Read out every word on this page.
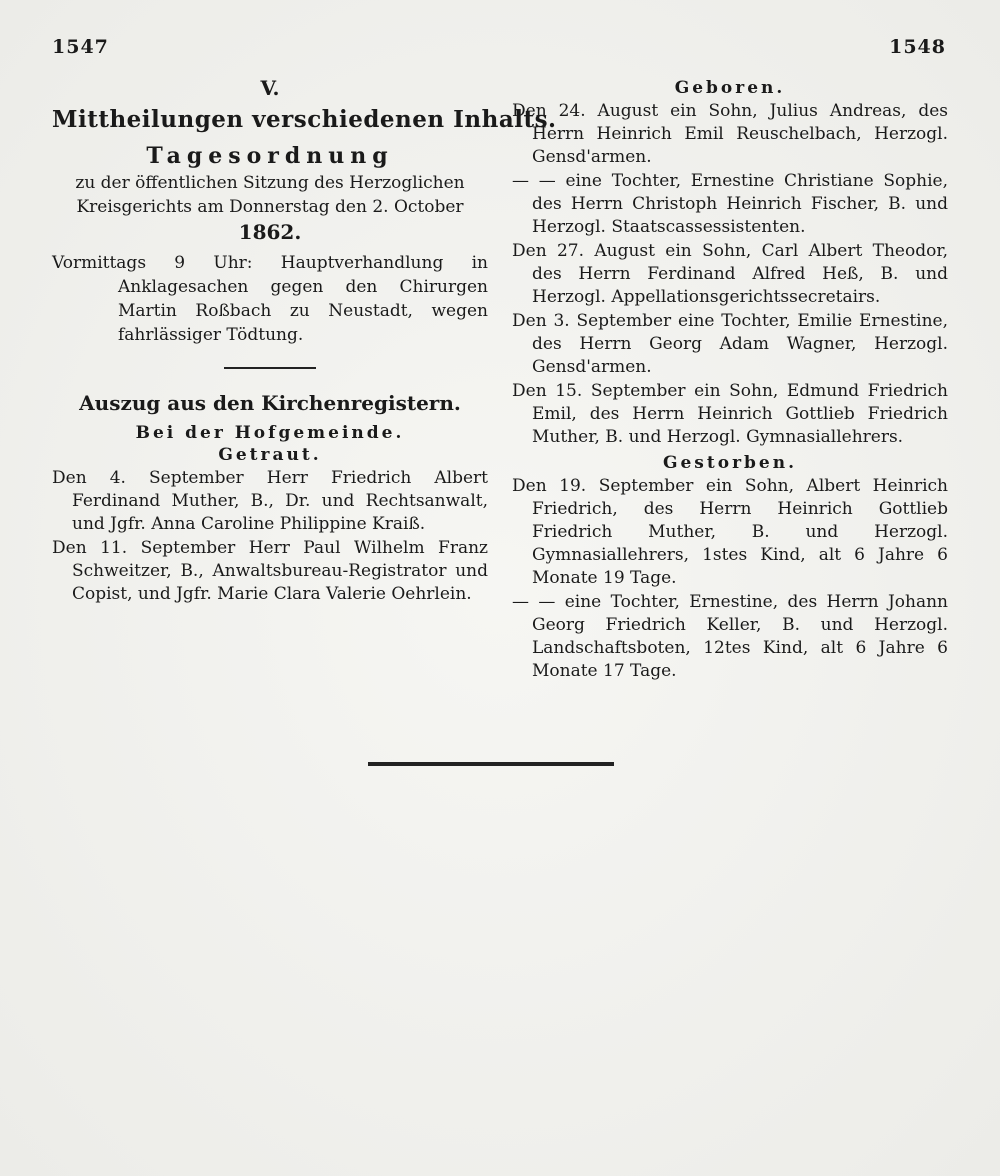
1547	1548
V.
Mittheilungen verschiedenen Inhalts.
Tagesordnung
zu der öffentlichen Sitzung des Herzoglichen
Kreisgerichts am Donnerstag den 2. October
1862.
Vormittags 9 Uhr: Hauptverhandlung in Anklagesachen gegen den Chirurgen Martin Roßbach zu Neustadt, wegen fahrlässiger Tödtung.
Auszug aus den Kirchenregistern.
Bei der Hofgemeinde.
Getraut.
Den 4. September Herr Friedrich Albert Ferdinand Muther, B., Dr. und Rechtsanwalt, und Jgfr. Anna Caroline Philippine Kraiß.
Den 11. September Herr Paul Wilhelm Franz Schweitzer, B., Anwaltsbureau-Registrator und Copist, und Jgfr. Marie Clara Valerie Oehrlein.
Geboren.
Den 24. August ein Sohn, Julius Andreas, des Herrn Heinrich Emil Reuschelbach, Herzogl. Gensd'armen.
— — eine Tochter, Ernestine Christiane Sophie, des Herrn Christoph Heinrich Fischer, B. und Herzogl. Staatscassessistenten.
Den 27. August ein Sohn, Carl Albert Theodor, des Herrn Ferdinand Alfred Heß, B. und Herzogl. Appellationsgerichtssecretairs.
Den 3. September eine Tochter, Emilie Ernestine, des Herrn Georg Adam Wagner, Herzogl. Gensd'armen.
Den 15. September ein Sohn, Edmund Friedrich Emil, des Herrn Heinrich Gottlieb Friedrich Muther, B. und Herzogl. Gymnasiallehrers.
Gestorben.
Den 19. September ein Sohn, Albert Heinrich Friedrich, des Herrn Heinrich Gottlieb Friedrich Muther, B. und Herzogl. Gymnasiallehrers, 1stes Kind, alt 6 Jahre 6 Monate 19 Tage.
— — eine Tochter, Ernestine, des Herrn Johann Georg Friedrich Keller, B. und Herzogl. Landschaftsboten, 12tes Kind, alt 6 Jahre 6 Monate 17 Tage.
